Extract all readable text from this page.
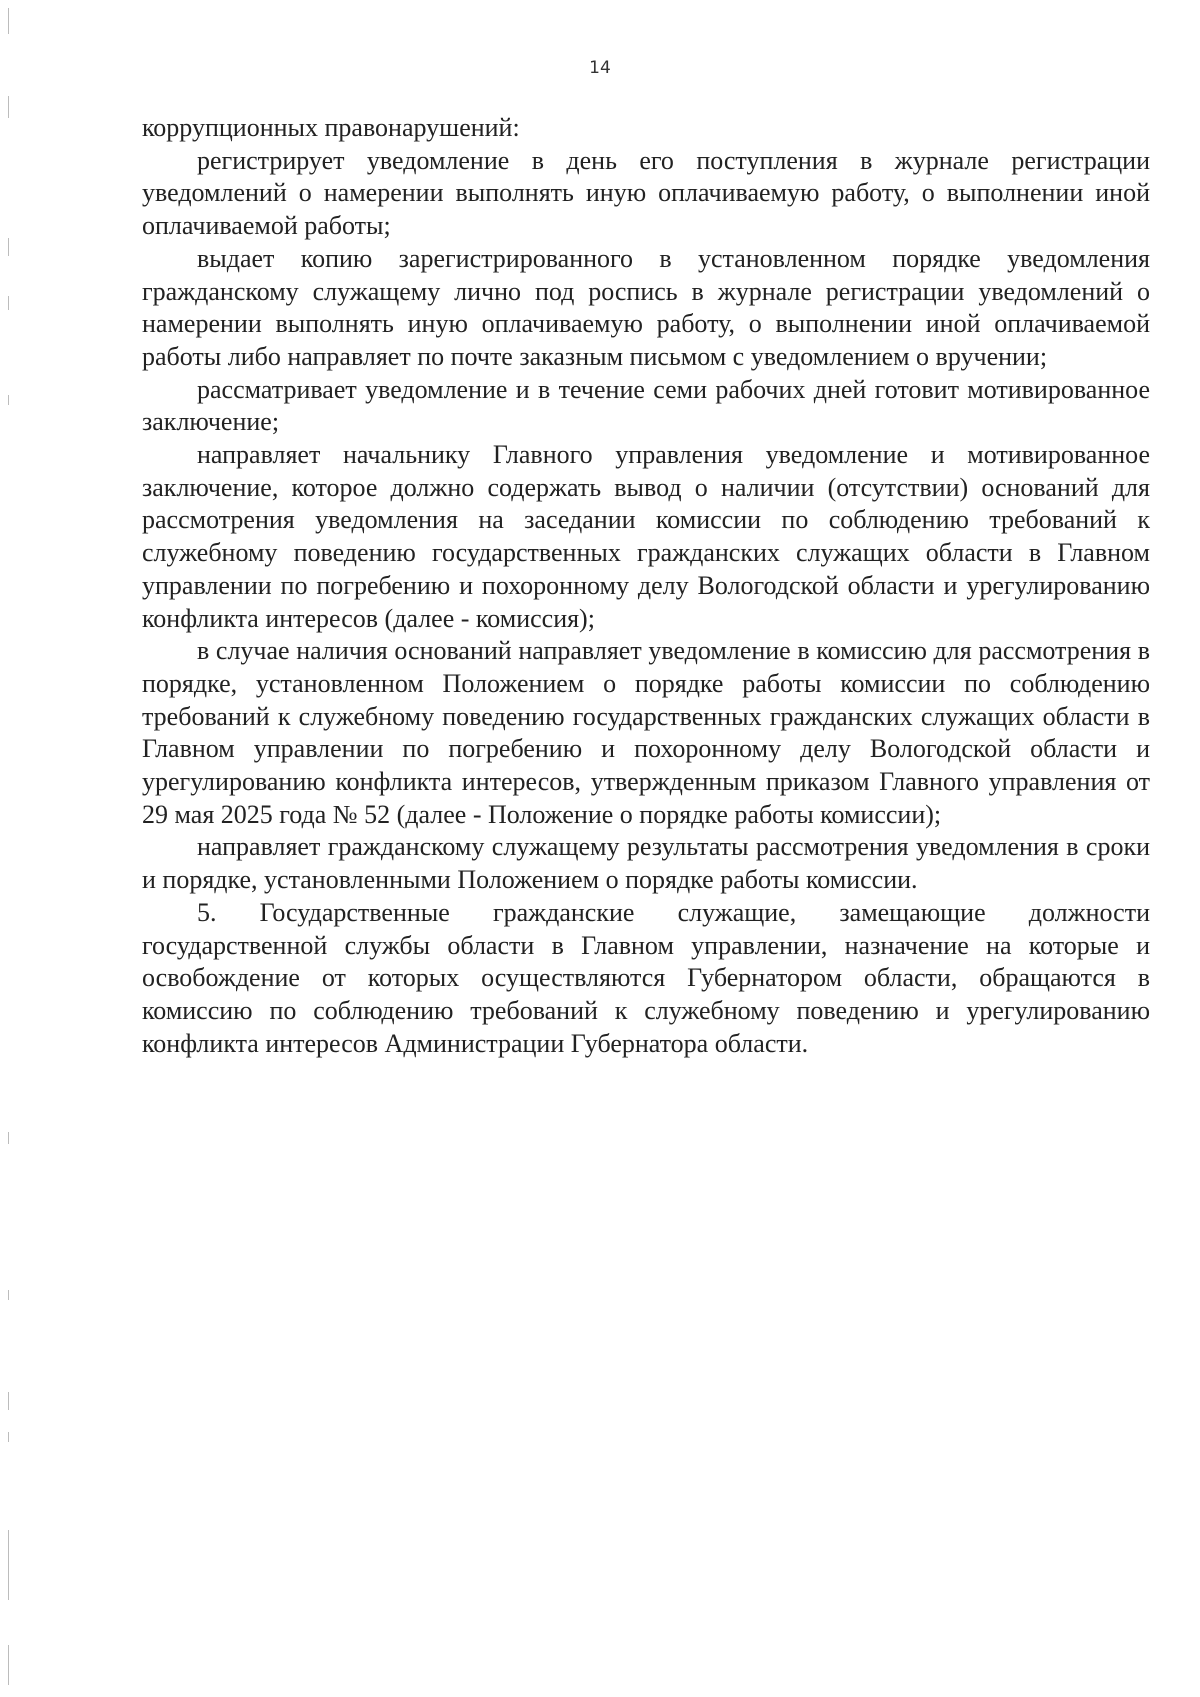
14

коррупционных правонарушений:

регистрирует уведомление в день его поступления в журнале регистрации уведомлений о намерении выполнять иную оплачиваемую работу, о выполнении иной оплачиваемой работы;

выдает копию зарегистрированного в установленном порядке уведомления гражданскому служащему лично под роспись в журнале регистрации уведомлений о намерении выполнять иную оплачиваемую работу, о выполнении иной оплачиваемой работы либо направляет по почте заказным письмом с уведомлением о вручении;

рассматривает уведомление и в течение семи рабочих дней готовит мотивированное заключение;

направляет начальнику Главного управления уведомление и мотивированное заключение, которое должно содержать вывод о наличии (отсутствии) оснований для рассмотрения уведомления на заседании комиссии по соблюдению требований к служебному поведению государственных гражданских служащих области в Главном управлении по погребению и похоронному делу Вологодской области и урегулированию конфликта интересов (далее - комиссия);

в случае наличия оснований направляет уведомление в комиссию для рассмотрения в порядке, установленном Положением о порядке работы комиссии по соблюдению требований к служебному поведению государственных гражданских служащих области в Главном управлении по погребению и похоронному делу Вологодской области и урегулированию конфликта интересов, утвержденным приказом Главного управления от 29 мая 2025 года № 52 (далее - Положение о порядке работы комиссии);

направляет гражданскому служащему результаты рассмотрения уведомления в сроки и порядке, установленными Положением о порядке работы комиссии.

5. Государственные гражданские служащие, замещающие должности государственной службы области в Главном управлении, назначение на которые и освобождение от которых осуществляются Губернатором области, обращаются в комиссию по соблюдению требований к служебному поведению и урегулированию конфликта интересов Администрации Губернатора области.
